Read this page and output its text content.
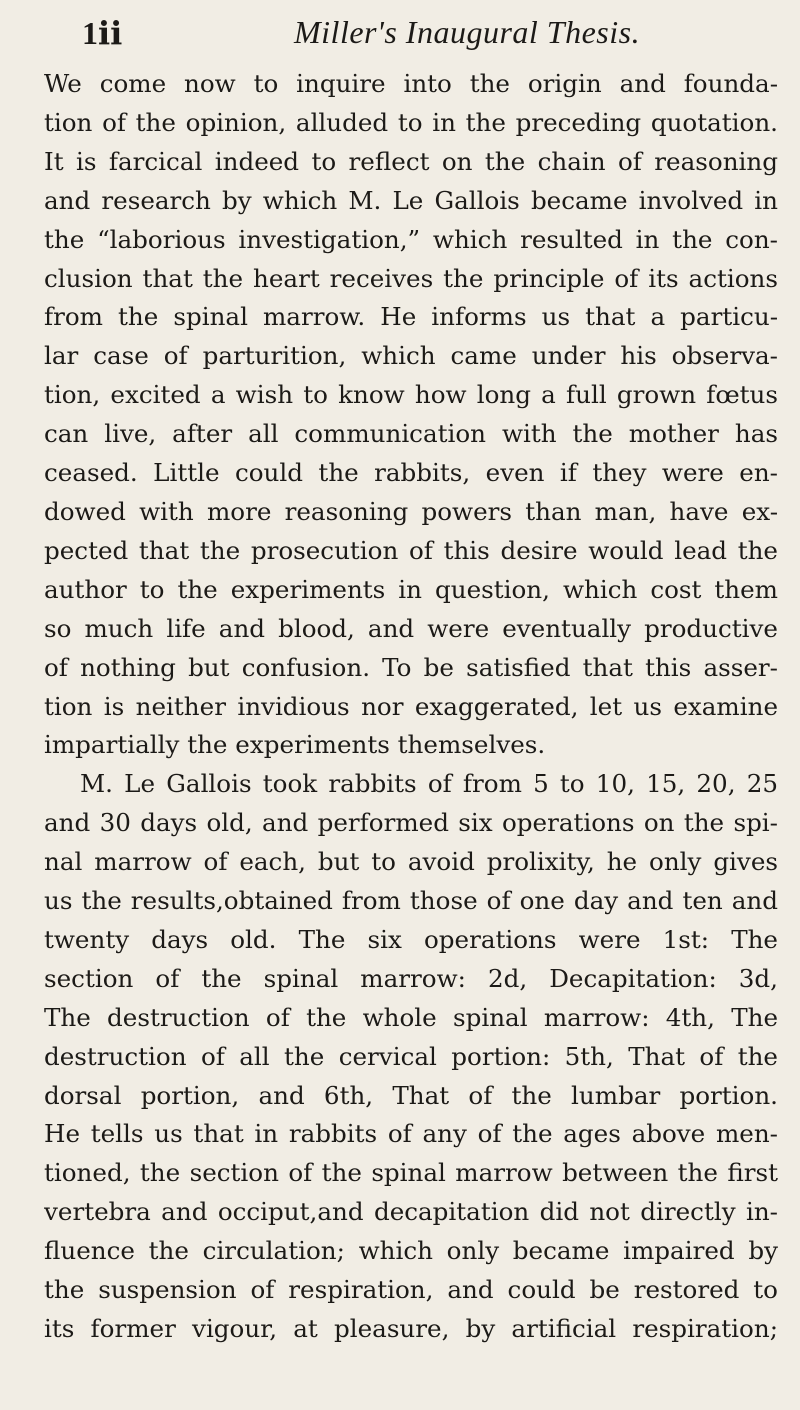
1ⅱ	Miller's Inaugural Thesis.
We come now to inquire into the origin and founda-
tion of the opinion, alluded to in the preceding quotation.
It is farcical indeed to reflect on the chain of reasoning
and research by which M. Le Gallois became involved in
the “laborious investigation,” which resulted in the con-
clusion that the heart receives the principle of its actions
from the spinal marrow. He informs us that a particu-
lar case of parturition, which came under his observa-
tion, excited a wish to know how long a full grown fœtus
can live, after all communication with the mother has
ceased. Little could the rabbits, even if they were en-
dowed with more reasoning powers than man, have ex-
pected that the prosecution of this desire would lead the
author to the experiments in question, which cost them
so much life and blood, and were eventually productive
of nothing but confusion. To be satisfied that this asser-
tion is neither invidious nor exaggerated, let us examine
impartially the experiments themselves.
M. Le Gallois took rabbits of from 5 to 10, 15, 20, 25
and 30 days old, and performed six operations on the spi-
nal marrow of each, but to avoid prolixity, he only gives
us the results,obtained from those of one day and ten and
twenty days old. The six operations were 1st: The
section of the spinal marrow: 2d, Decapitation: 3d,
The destruction of the whole spinal marrow: 4th, The
destruction of all the cervical portion: 5th, That of the
dorsal portion, and 6th, That of the lumbar portion.
He tells us that in rabbits of any of the ages above men-
tioned, the section of the spinal marrow between the first
vertebra and occiput,and decapitation did not directly in-
fluence the circulation; which only became impaired by
the suspension of respiration, and could be restored to
its former vigour, at pleasure, by artificial respiration;
